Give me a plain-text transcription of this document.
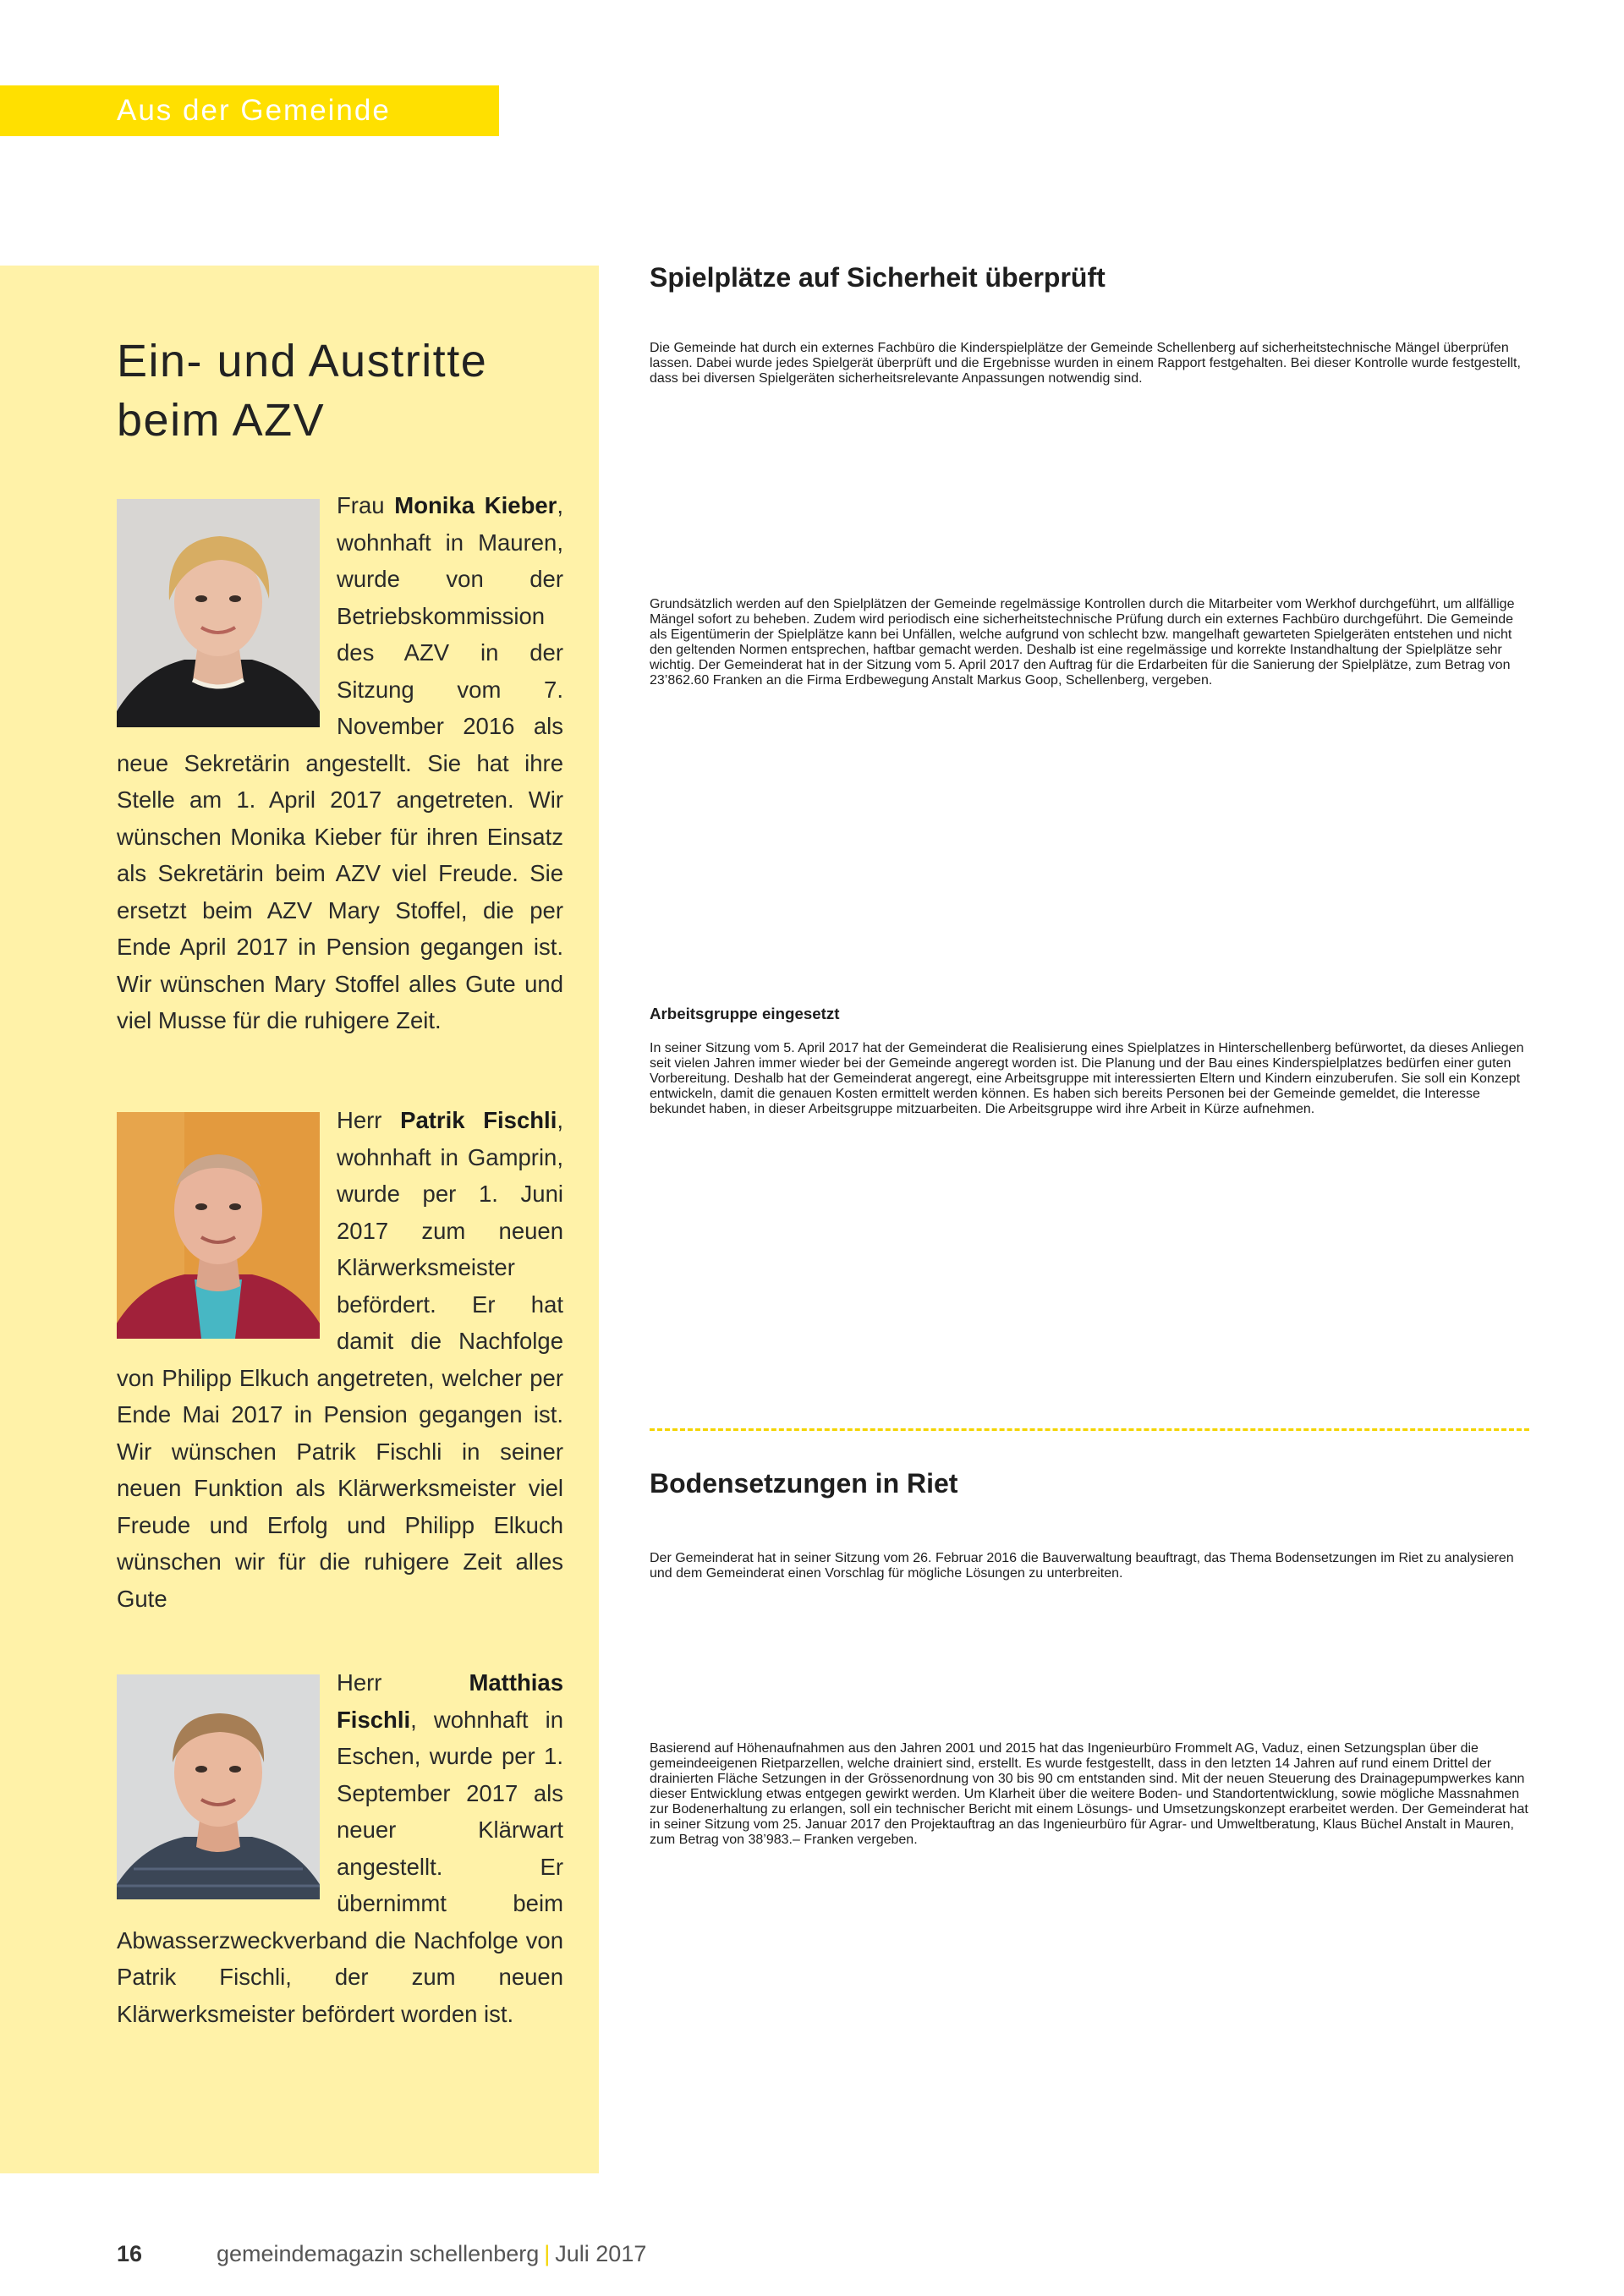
Aus der Gemeinde
Ein- und Austritte beim AZV

Frau Monika Kieber, wohnhaft in Mauren, wurde von der Betriebskommission des AZV in der Sitzung vom 7. November 2016 als neue Sekretärin angestellt. Sie hat ihre Stelle am 1. April 2017 angetreten. Wir wünschen Monika Kieber für ihren Einsatz als Sekretärin beim AZV viel Freude. Sie ersetzt beim AZV Mary Stoffel, die per Ende April 2017 in Pension gegangen ist. Wir wünschen Mary Stoffel alles Gute und viel Musse für die ruhigere Zeit.

Herr Patrik Fischli, wohnhaft in Gamprin, wurde per 1. Juni 2017 zum neuen Klärwerksmeister befördert. Er hat damit die Nachfolge von Philipp Elkuch angetreten, welcher per Ende Mai 2017 in Pension gegangen ist. Wir wünschen Patrik Fischli in seiner neuen Funktion als Klärwerksmeister viel Freude und Erfolg und Philipp Elkuch wünschen wir für die ruhigere Zeit alles Gute

Herr Matthias Fischli, wohnhaft in Eschen, wurde per 1. September 2017 als neuer Klärwart angestellt. Er übernimmt beim Abwasserzweckverband die Nachfolge von Patrik Fischli, der zum neuen Klärwerksmeister befördert worden ist.

Spielplätze auf Sicherheit überprüft

Die Gemeinde hat durch ein externes Fachbüro die Kinderspielplätze der Gemeinde Schellenberg auf sicherheitstechnische Mängel überprüfen lassen. Dabei wurde jedes Spielgerät überprüft und die Ergebnisse wurden in einem Rapport festgehalten. Bei dieser Kontrolle wurde festgestellt, dass bei diversen Spielgeräten sicherheitsrelevante Anpassungen notwendig sind.

Grundsätzlich werden auf den Spielplätzen der Gemeinde regelmässige Kontrollen durch die Mitarbeiter vom Werkhof durchgeführt, um allfällige Mängel sofort zu beheben. Zudem wird periodisch eine sicherheitstechnische Prüfung durch ein externes Fachbüro durchgeführt. Die Gemeinde als Eigentümerin der Spielplätze kann bei Unfällen, welche aufgrund von schlecht bzw. mangelhaft gewarteten Spielgeräten entstehen und nicht den geltenden Normen entsprechen, haftbar gemacht werden. Deshalb ist eine regelmässige und korrekte Instandhaltung der Spielplätze sehr wichtig. Der Gemeinderat hat in der Sitzung vom 5. April 2017 den Auftrag für die Erdarbeiten für die Sanierung der Spielplätze, zum Betrag von 23’862.60 Franken an die Firma Erdbewegung Anstalt Markus Goop, Schellenberg, vergeben.

Arbeitsgruppe eingesetzt

In seiner Sitzung vom 5. April 2017 hat der Gemeinderat die Realisierung eines Spielplatzes in Hinterschellenberg befürwortet, da dieses Anliegen seit vielen Jahren immer wieder bei der Gemeinde angeregt worden ist. Die Planung und der Bau eines Kinderspielplatzes bedürfen einer guten Vorbereitung. Deshalb hat der Gemeinderat angeregt, eine Arbeitsgruppe mit interessierten Eltern und Kindern einzuberufen. Sie soll ein Konzept entwickeln, damit die genauen Kosten ermittelt werden können. Es haben sich bereits Personen bei der Gemeinde gemeldet, die Interesse bekundet haben, in dieser Arbeitsgruppe mitzuarbeiten. Die Arbeitsgruppe wird ihre Arbeit in Kürze aufnehmen.

Bodensetzungen in Riet

Der Gemeinderat hat in seiner Sitzung vom 26. Februar 2016 die Bauverwaltung beauftragt, das Thema Bodensetzungen im Riet zu analysieren und dem Gemeinderat einen Vorschlag für mögliche Lösungen zu unterbreiten.

Basierend auf Höhenaufnahmen aus den Jahren 2001 und 2015 hat das Ingenieurbüro Frommelt AG, Vaduz, einen Setzungsplan über die gemeindeeigenen Rietparzellen, welche drainiert sind, erstellt. Es wurde festgestellt, dass in den letzten 14 Jahren auf rund einem Drittel der drainierten Fläche Setzungen in der Grössenordnung von 30 bis 90 cm entstanden sind. Mit der neuen Steuerung des Drainagepumpwerkes kann dieser Entwicklung etwas entgegen gewirkt werden. Um Klarheit über die weitere Boden- und Standortentwicklung, sowie mögliche Massnahmen zur Bodenerhaltung zu erlangen, soll ein technischer Bericht mit einem Lösungs- und Umsetzungskonzept erarbeitet werden. Der Gemeinderat hat in seiner Sitzung vom 25. Januar 2017 den Projektauftrag an das Ingenieurbüro für Agrar- und Umweltberatung, Klaus Büchel Anstalt in Mauren, zum Betrag von 38’983.– Franken vergeben.

16	gemeindemagazin schellenberg | Juli 2017
